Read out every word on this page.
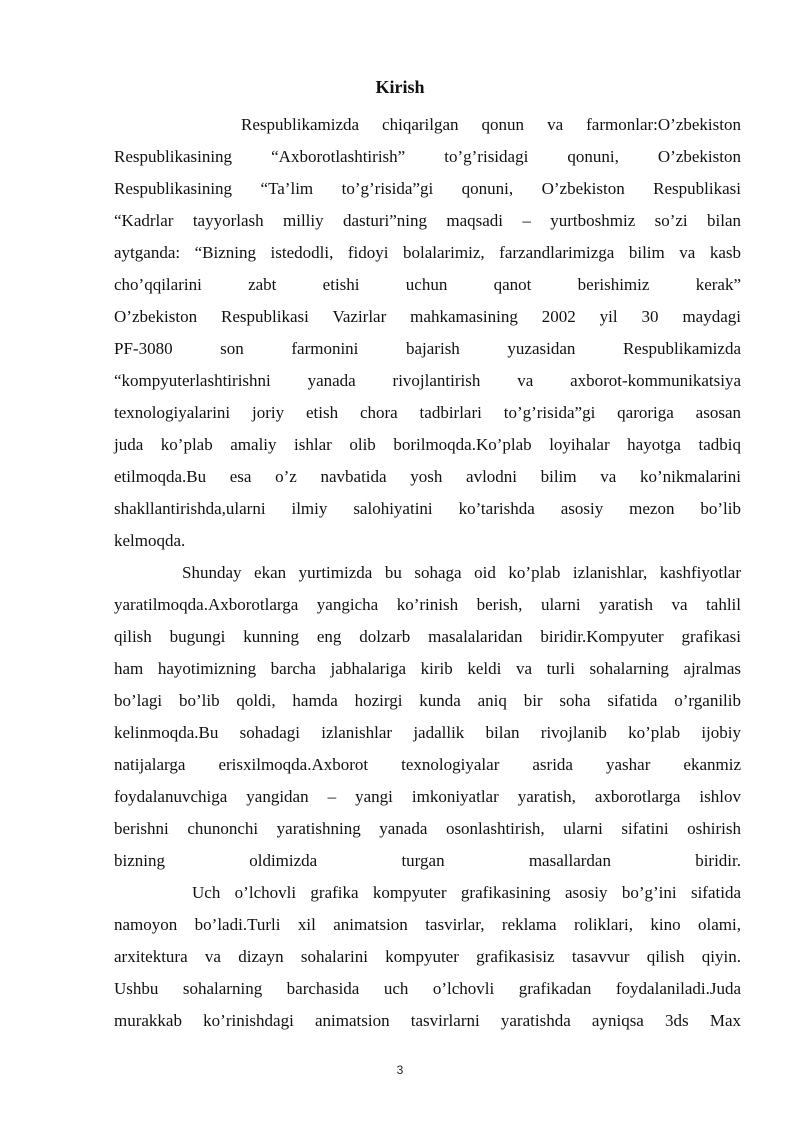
Kirish
Respublikamizda chiqarilgan qonun va farmonlar:O’zbekiston
Respublikasining “Axborotlashtirish” to’g’risidagi qonuni, O’zbekiston
Respublikasining “Ta’lim to’g’risida”gi qonuni, O’zbekiston Respublikasi
“Kadrlar tayyorlash milliy dasturi”ning maqsadi – yurtboshmiz so’zi bilan
aytganda: “Bizning istedodli, fidoyi bolalarimiz, farzandlarimizga bilim va kasb
cho’qqilarini zabt etishi uchun qanot berishimiz kerak”
O’zbekiston Respublikasi Vazirlar mahkamasining 2002 yil 30 maydagi
PF-3080 son farmonini bajarish yuzasidan Respublikamizda
“kompyuterlashtirishni yanada rivojlantirish va axborot-kommunikatsiya
texnologiyalarini joriy etish chora tadbirlari to’g’risida”gi qaroriga asosan
juda ko’plab amaliy ishlar olib borilmoqda.Ko’plab loyihalar hayotga tadbiq
etilmoqda.Bu esa o’z navbatida yosh avlodni bilim va ko’nikmalarini
shakllantirishda,ularni ilmiy salohiyatini ko’tarishda asosiy mezon bo’lib
kelmoqda.
Shunday ekan yurtimizda bu sohaga oid ko’plab izlanishlar, kashfiyotlar
yaratilmoqda.Axborotlarga yangicha ko’rinish berish, ularni yaratish va tahlil
qilish bugungi kunning eng dolzarb masalalaridan biridir.Kompyuter grafikasi
ham hayotimizning barcha jabhalariga kirib keldi va turli sohalarning ajralmas
bo’lagi bo’lib qoldi, hamda hozirgi kunda aniq bir soha sifatida o’rganilib
kelinmoqda.Bu sohadagi izlanishlar jadallik bilan rivojlanib ko’plab ijobiy
natijalarga erisxilmoqda.Axborot texnologiyalar asrida yashar ekanmiz
foydalanuvchiga yangidan – yangi imkoniyatlar yaratish, axborotlarga ishlov
berishni chunonchi yaratishning yanada osonlashtirish, ularni sifatini oshirish
bizning oldimizda turgan masallardan biridir.
Uch o’lchovli grafika kompyuter grafikasining asosiy bo’g’ini sifatida
namoyon bo’ladi.Turli xil animatsion tasvirlar, reklama roliklari, kino olami,
arxitektura va dizayn sohalarini kompyuter grafikasisiz tasavvur qilish qiyin.
Ushbu sohalarning barchasida uch o’lchovli grafikadan foydalaniladi.Juda
murakkab ko’rinishdagi animatsion tasvirlarni yaratishda ayniqsa 3ds Max
3
